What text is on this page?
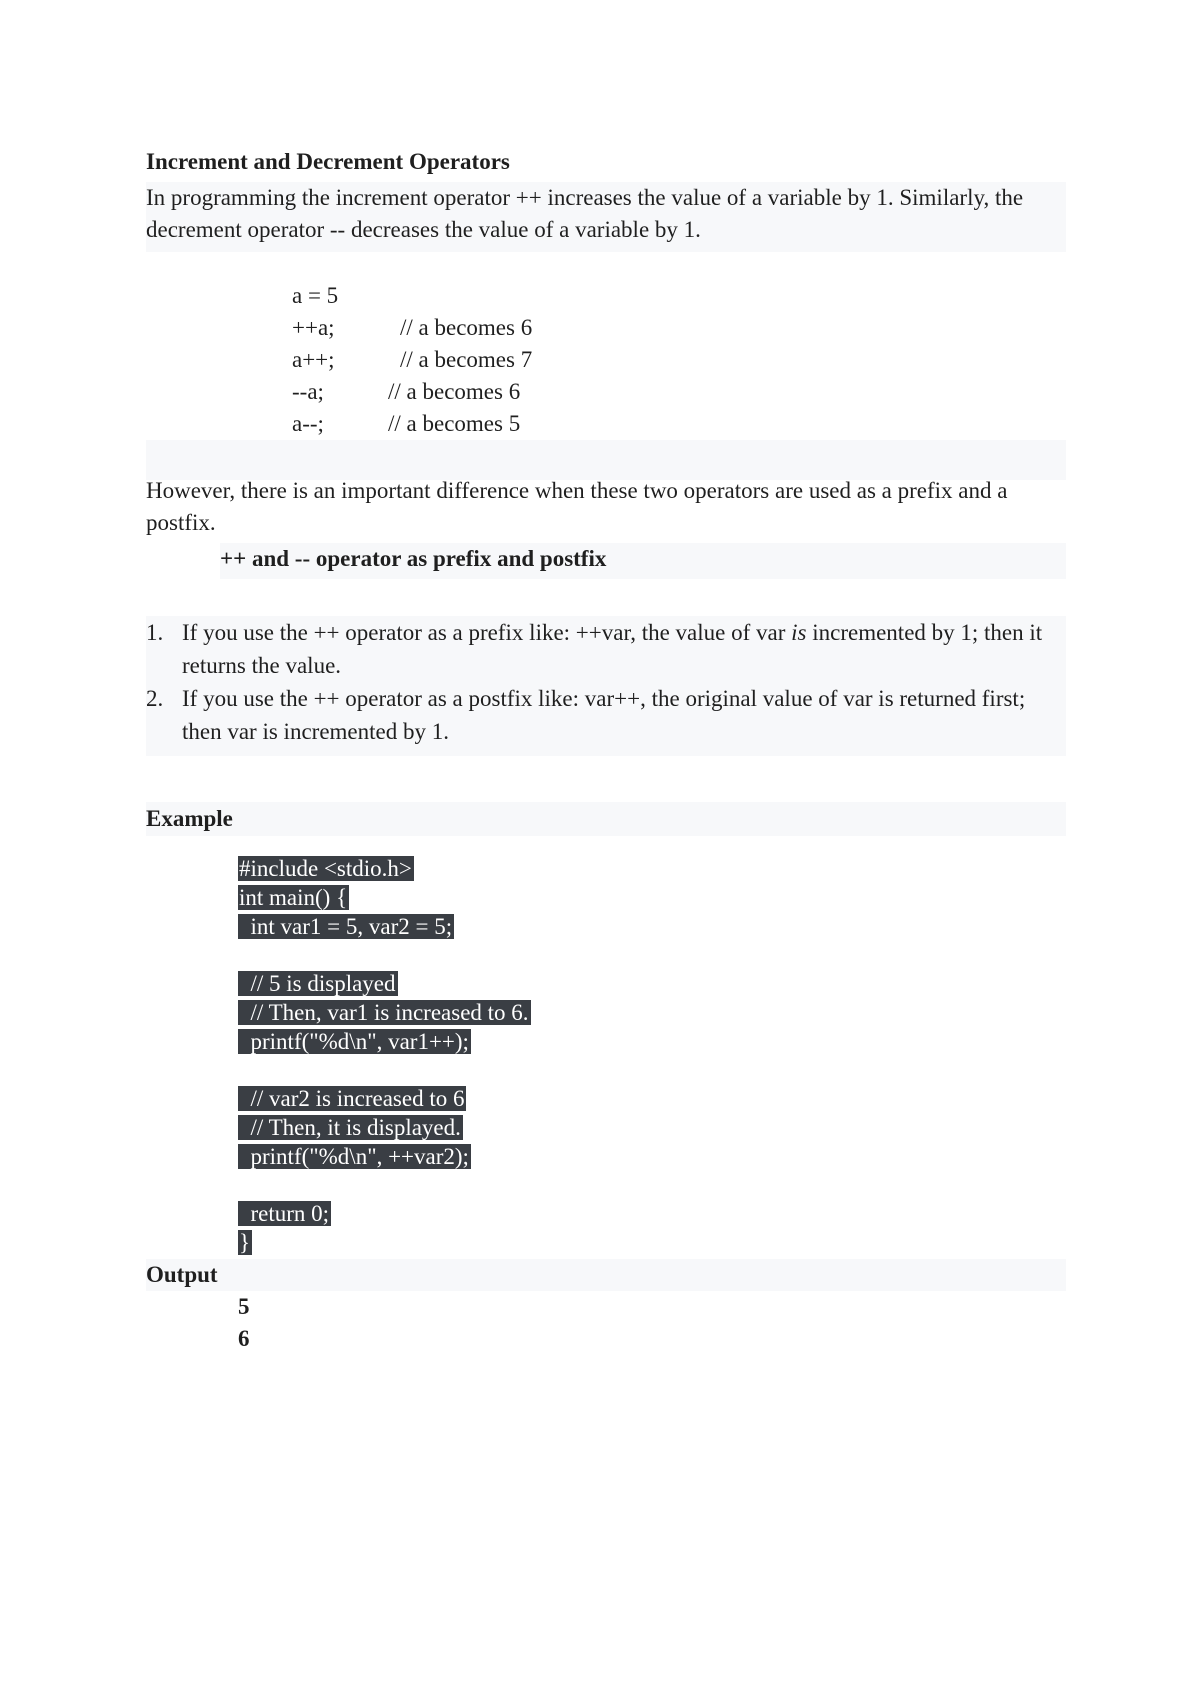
Increment and Decrement Operators
In programming the increment operator ++ increases the value of a variable by 1. Similarly, the decrement operator -- decreases the value of a variable by 1.
a = 5
++a;	// a becomes 6
a++;	// a becomes 7
--a;	// a becomes 6
a--;	// a becomes 5
However, there is an important difference when these two operators are used as a prefix and a postfix.
++ and -- operator as prefix and postfix
1. If you use the ++ operator as a prefix like: ++var, the value of var is incremented by 1; then it returns the value.
2. If you use the ++ operator as a postfix like: var++, the original value of var is returned first; then var is incremented by 1.
Example
#include <stdio.h>
int main() {
int var1 = 5, var2 = 5;
// 5 is displayed
// Then, var1 is increased to 6.
printf("%d\n", var1++);
// var2 is increased to 6
// Then, it is displayed.
printf("%d\n", ++var2);
return 0;
}
Output
5
6
